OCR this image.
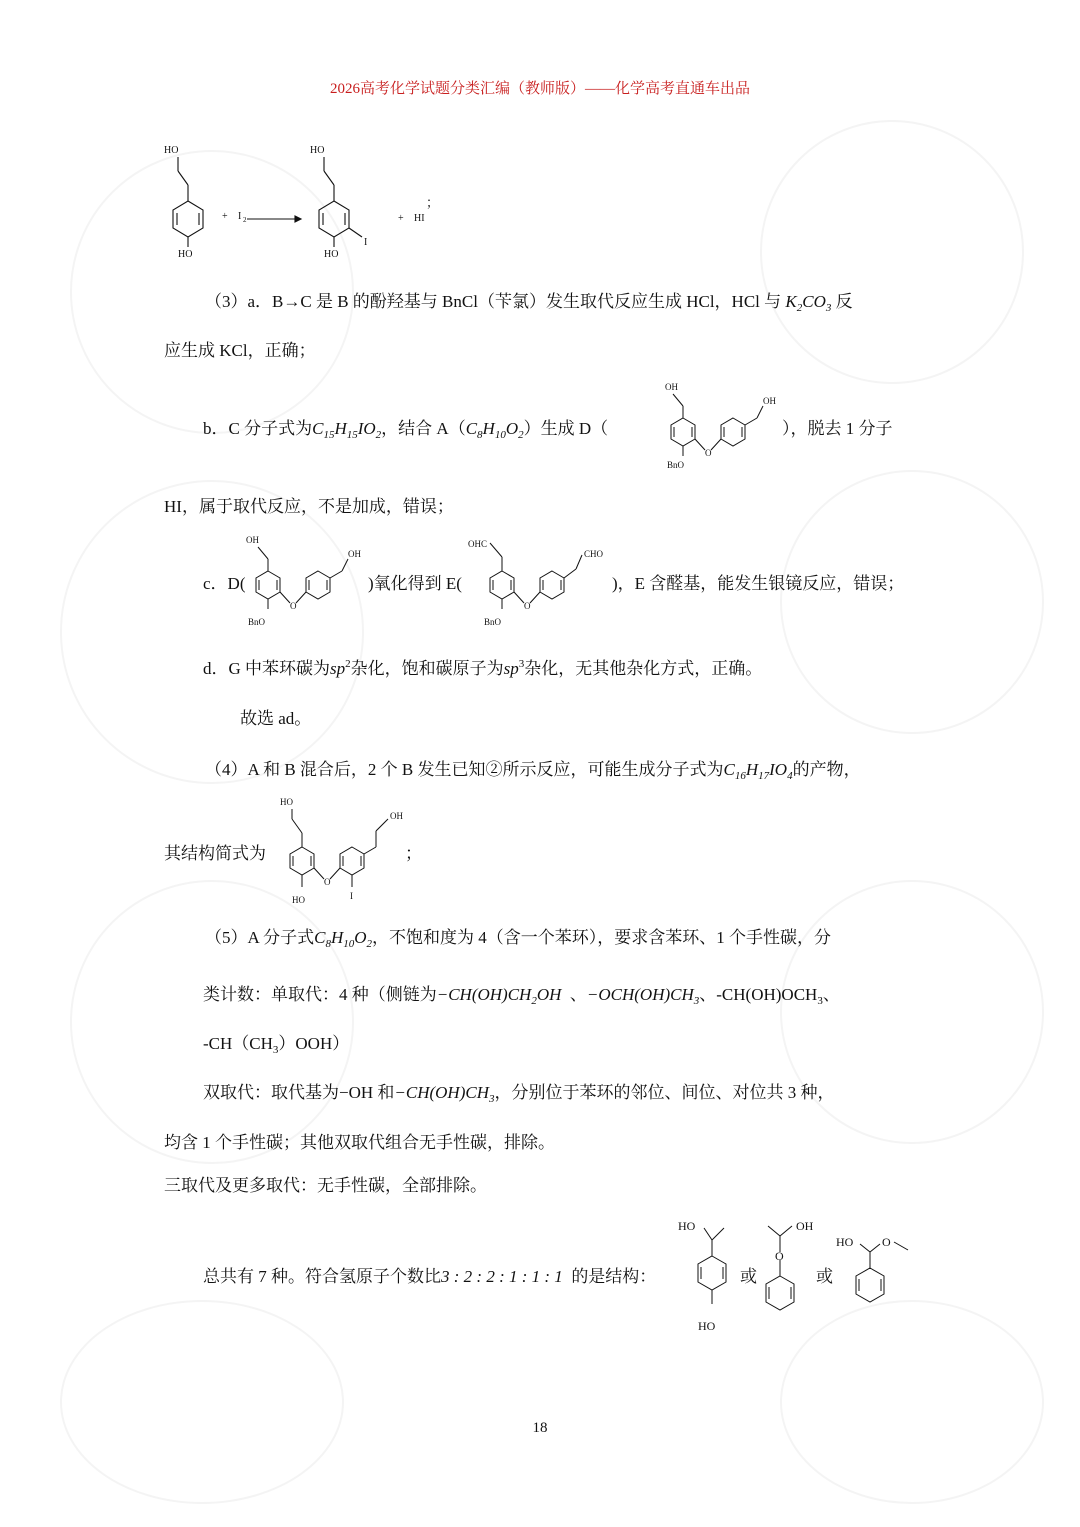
2026高考化学试题分类汇编（教师版）——化学高考直通车出品
HO
HO
+ I 2
HO
HO
I
+ HI
；
（3）a．B→C 是 B 的酚羟基与 BnCl（苄氯）发生取代反应生成 HCl，HCl 与 $K_2CO_3$ 反
应生成 KCl，正确；
b．C 分子式为$C_{15}H_{15}IO_2$，结合 $A(C_8H_{10}O_2)$生成 D（
OH
OH
O
BnO
），脱去 1 分子
HI，属于取代反应，不是加成，错误；
c．D(
OH
OH
O
BnO
)氧化得到 E(
OHC
CHO
O
BnO
)，E 含醛基，能发生银镜反应，错误；
d．G 中苯环碳为$sp^2$杂化，饱和碳原子为$sp^3$杂化，无其他杂化方式，正确。
故选 ad。
（4）A 和 B 混合后，2 个 B 发生已知②所示反应，可能生成分子式为$C_{16}H_{17}IO_4$的产物，
其结构简式为
HO
OH
O
HO	I
；
（5）A 分子式$C_8H_{10}O_2$，不饱和度为 4（含一个苯环），要求含苯环、1 个手性碳，分
类计数：单取代：4 种（侧链为$-CH(OH)CH_2OH$ 、$-OCH(OH)CH_3$、$-CH(OH)OCH_3$、
$-CH(CH_3)OOH$）
双取代：取代基为−OH 和$-CH(OH)CH_3$，分别位于苯环的邻位、间位、对位共 3 种，
均含 1 个手性碳；其他双取代组合无手性碳，排除。
三取代及更多取代：无手性碳，全部排除。
总共有 7 种。符合氢原子个数比3 : 2 : 2 : 1 : 1 : 1 的是结构：
HO
HO
或
OH
O
或
HO O
18
